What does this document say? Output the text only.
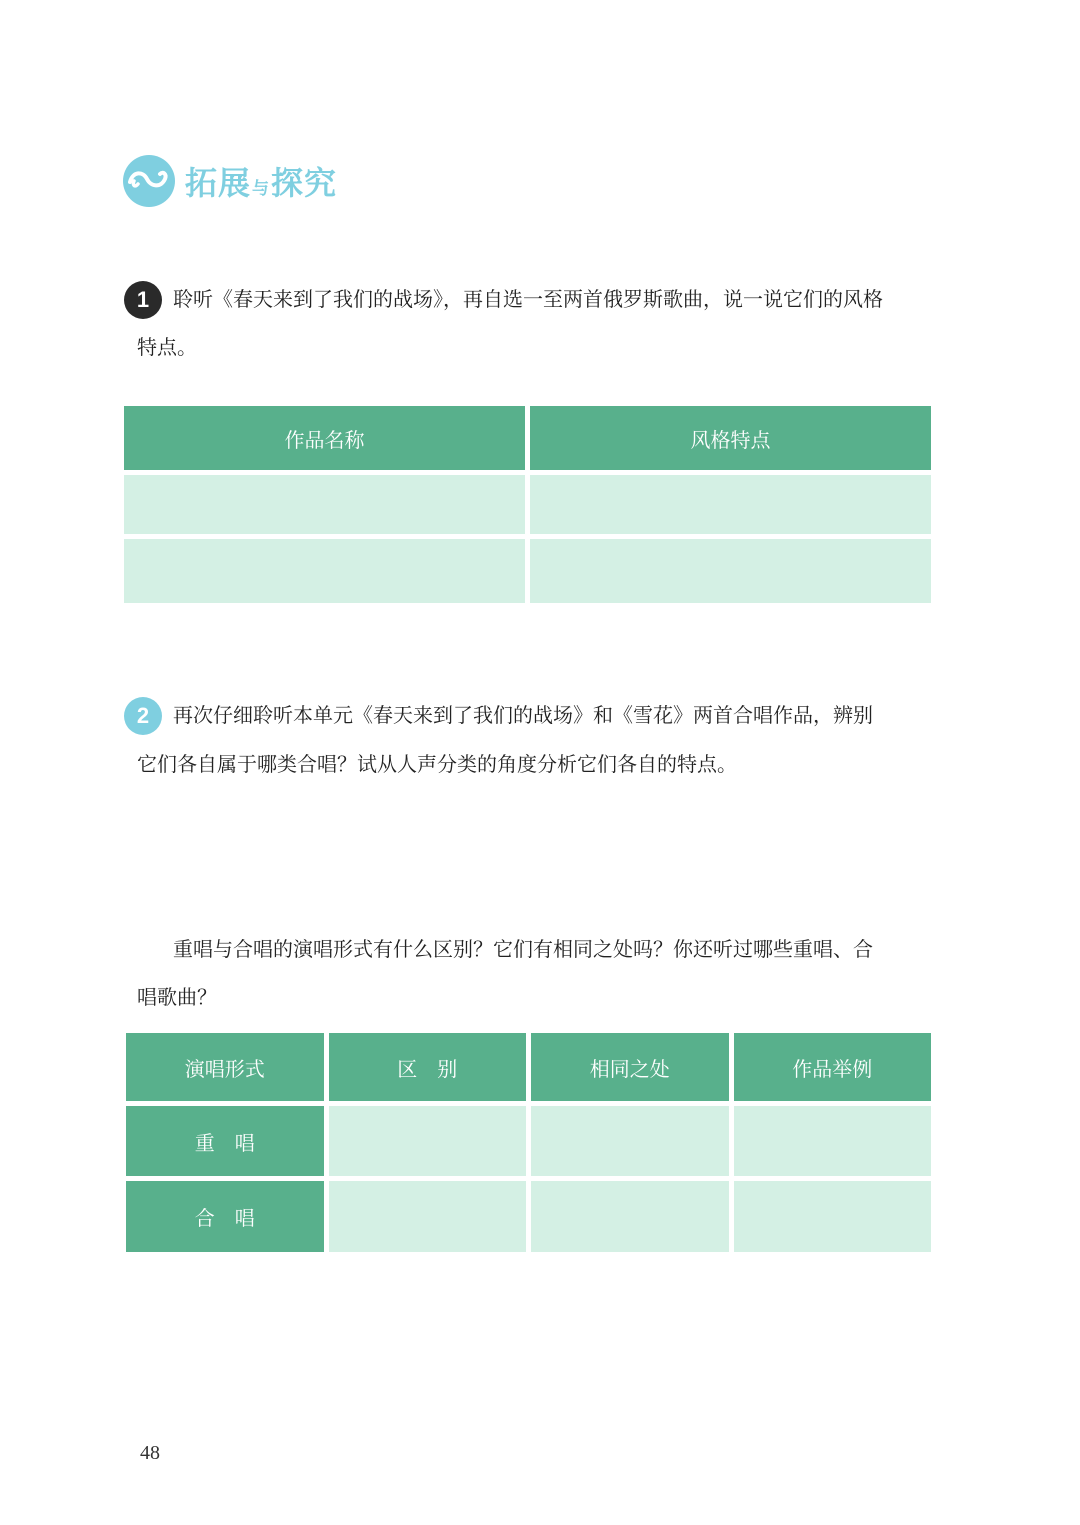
拓展 与 探究
1	聆听《春天来到了我们的战场》，再自选一至两首俄罗斯歌曲，说一说它们的风格

特点。

作品名称	风格特点

2	再次仔细聆听本单元《春天来到了我们的战场》和《雪花》两首合唱作品，辨别

它们各自属于哪类合唱？试从人声分类的角度分析它们各自的特点。

重唱与合唱的演唱形式有什么区别？它们有相同之处吗？你还听过哪些重唱、合

唱歌曲？

演唱形式	区　别	相同之处	作品举例
重　唱			
合　唱			
48
